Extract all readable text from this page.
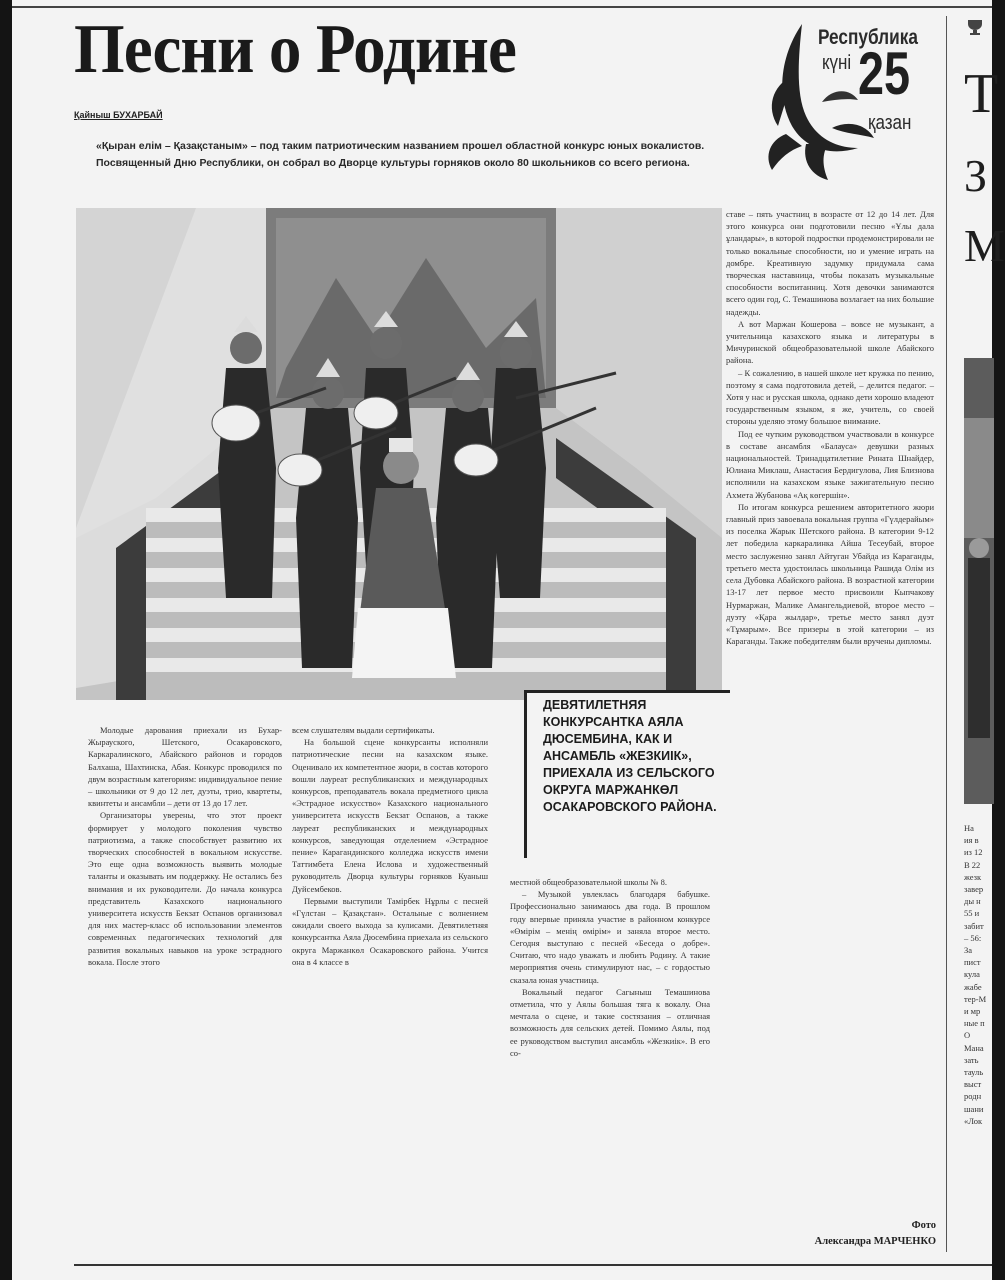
Песни о Родине
Қайныш БУХАРБАЙ

«Қыран елім – Қазақстаным» – под таким патриотическим названием прошел областной конкурс юных вокалистов. Посвященный Дню Республики, он собрал во Дворце культуры горняков около 80 школьников со всего региона.

Республика
күні 25
қазан
ДЕВЯТИЛЕТНЯЯ КОНКУРСАНТКА АЯЛА ДЮСЕМБИНА, КАК И АНСАМБЛЬ «ЖЕЗКИІК», ПРИЕХАЛА ИЗ СЕЛЬСКОГО ОКРУГА МАРЖАНКӨЛ ОСАКАРОВСКОГО РАЙОНА.

Молодые дарования приехали из Бухар-Жырауского, Шетского, Осакаровского, Каркаралинского, Абайского районов и городов Балхаша, Шахтинска, Абая. Конкурс проводился по двум возрастным категориям: индивидуальное пение – школьники от 9 до 12 лет, дуэты, трио, квартеты, квинтеты и ансамбли – дети от 13 до 17 лет.

Организаторы уверены, что этот проект формирует у молодого поколения чувство патриотизма, а также способствует развитию их творческих способностей в вокальном искусстве. Это еще одна возможность выявить молодые таланты и оказывать им поддержку. Не остались без внимания и их руководители. До начала конкурса представитель Казахского национального университета искусств Бекзат Оспанов организовал для них мастер-класс об использовании элементов современных педагогических технологий для развития вокальных навыков на уроке эстрадного вокала. После этого

всем слушателям выдали сертификаты.

На большой сцене конкурсанты исполняли патриотические песни на казахском языке. Оценивало их компетентное жюри, в состав которого вошли лауреат республиканских и международных конкурсов, преподаватель вокала предметного цикла «Эстрадное искусство» Казахского национального университета искусств Бекзат Оспанов, а также лауреат республиканских и международных конкурсов, заведующая отделением «Эстрадное пение» Карагандинского колледжа искусств имени Таттимбета Елена Ислова и художественный руководитель Дворца культуры горняков Куаныш Дуйсембеков.

Первыми выступили Тамірбек Нұрлы с песней «Гүлстан – Қазақстан». Остальные с волнением ожидали своего выхода за кулисами. Девятилетняя конкурсантка Аяла Дюсембина приехала из сельского округа Маржанкөл Осакаровского района. Учится она в 4 классе в

местной общеобразовательной школы № 8.

– Музыкой увлеклась благодаря бабушке. Профессионально занимаюсь два года. В прошлом году впервые приняла участие в районном конкурсе «Өмірім – менің өмірім» и заняла второе место. Сегодня выступаю с песней «Беседа о добре». Считаю, что надо уважать и любить Родину. А такие мероприятия очень стимулируют нас, – с гордостью сказала юная участница.

Вокальный педагог Сагыныш Темашинова отметила, что у Аялы большая тяга к вокалу. Она мечтала о сцене, и такие состязания – отличная возможность для сельских детей. Помимо Аялы, под ее руководством выступил ансамбль «Жезкиік». В его со-

ставе – пять участниц в возрасте от 12 до 14 лет. Для этого конкурса они подготовили песню «Ұлы дала ұландары», в которой подростки продемонстрировали не только вокальные способности, но и умение играть на домбре. Креативную задумку придумала сама творческая наставница, чтобы показать музыкальные способности воспитанниц. Хотя девочки занимаются всего один год, С. Темашинова возлагает на них большие надежды.

А вот Маржан Кошерова – вовсе не музыкант, а учительница казахского языка и литературы в Мичуринской общеобразовательной школе Абайского района.

– К сожалению, в нашей школе нет кружка по пению, поэтому я сама подготовила детей, – делится педагог. – Хотя у нас и русская школа, однако дети хорошо владеют государственным языком, я же, учитель, со своей стороны уделяю этому большое внимание.

Под ее чутким руководством участвовали в конкурсе в составе ансамбля «Балауса» девушки разных национальностей. Тринадцатилетние Рината Шнайдер, Юлиана Миклаш, Анастасия Бердигулова, Лия Близнова исполнили на казахском языке зажигательную песню Ахмета Жубанова «Ақ көгершін».

По итогам конкурса решением авторитетного жюри главный приз завоевала вокальная группа «Гүлдерайым» из поселка Жарык Шетского района. В категории 9-12 лет победила каркаралинка Айша Тесеубай, второе место заслуженно занял Айтуган Убайда из Караганды, третьего места удостоилась школьница Рашида Олім из села Дубовка Абайского района. В возрастной категории 13-17 лет первое место присвоили Кыпчакову Нурмаржан, Малике Амангельдиевой, второе место – дуэту «Қара жылдар», третье место занял дуэт «Тұмарым». Все призеры в этой категории – из Караганды. Также победителям были вручены дипломы.

Фото
Александра МАРЧЕНКО
Т
З
М
На
ия в
из 12
В 22
жезк
завер
ды н
55 и
забит
– 56:
За
пист
кула
жабе
тер-М
и мр
ные п
О
Мана
зать
тауль
выст
родн
шани
«Лок
